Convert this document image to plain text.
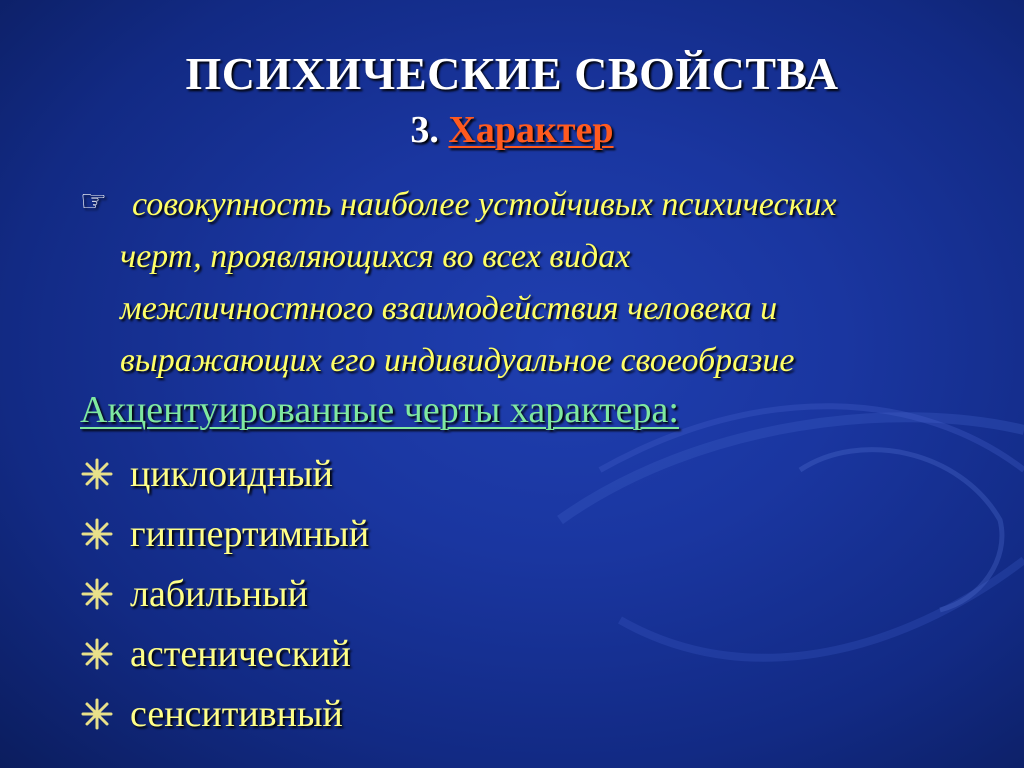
ПСИХИЧЕСКИЕ СВОЙСТВА
3. Характер
☞ совокупность наиболее устойчивых психических
черт, проявляющихся во всех видах
межличностного взаимодействия человека и
выражающих его индивидуальное своеобразие
Акцентуированные черты характера:
циклоидный
гиппертимный
лабильный
астенический
сенситивный
